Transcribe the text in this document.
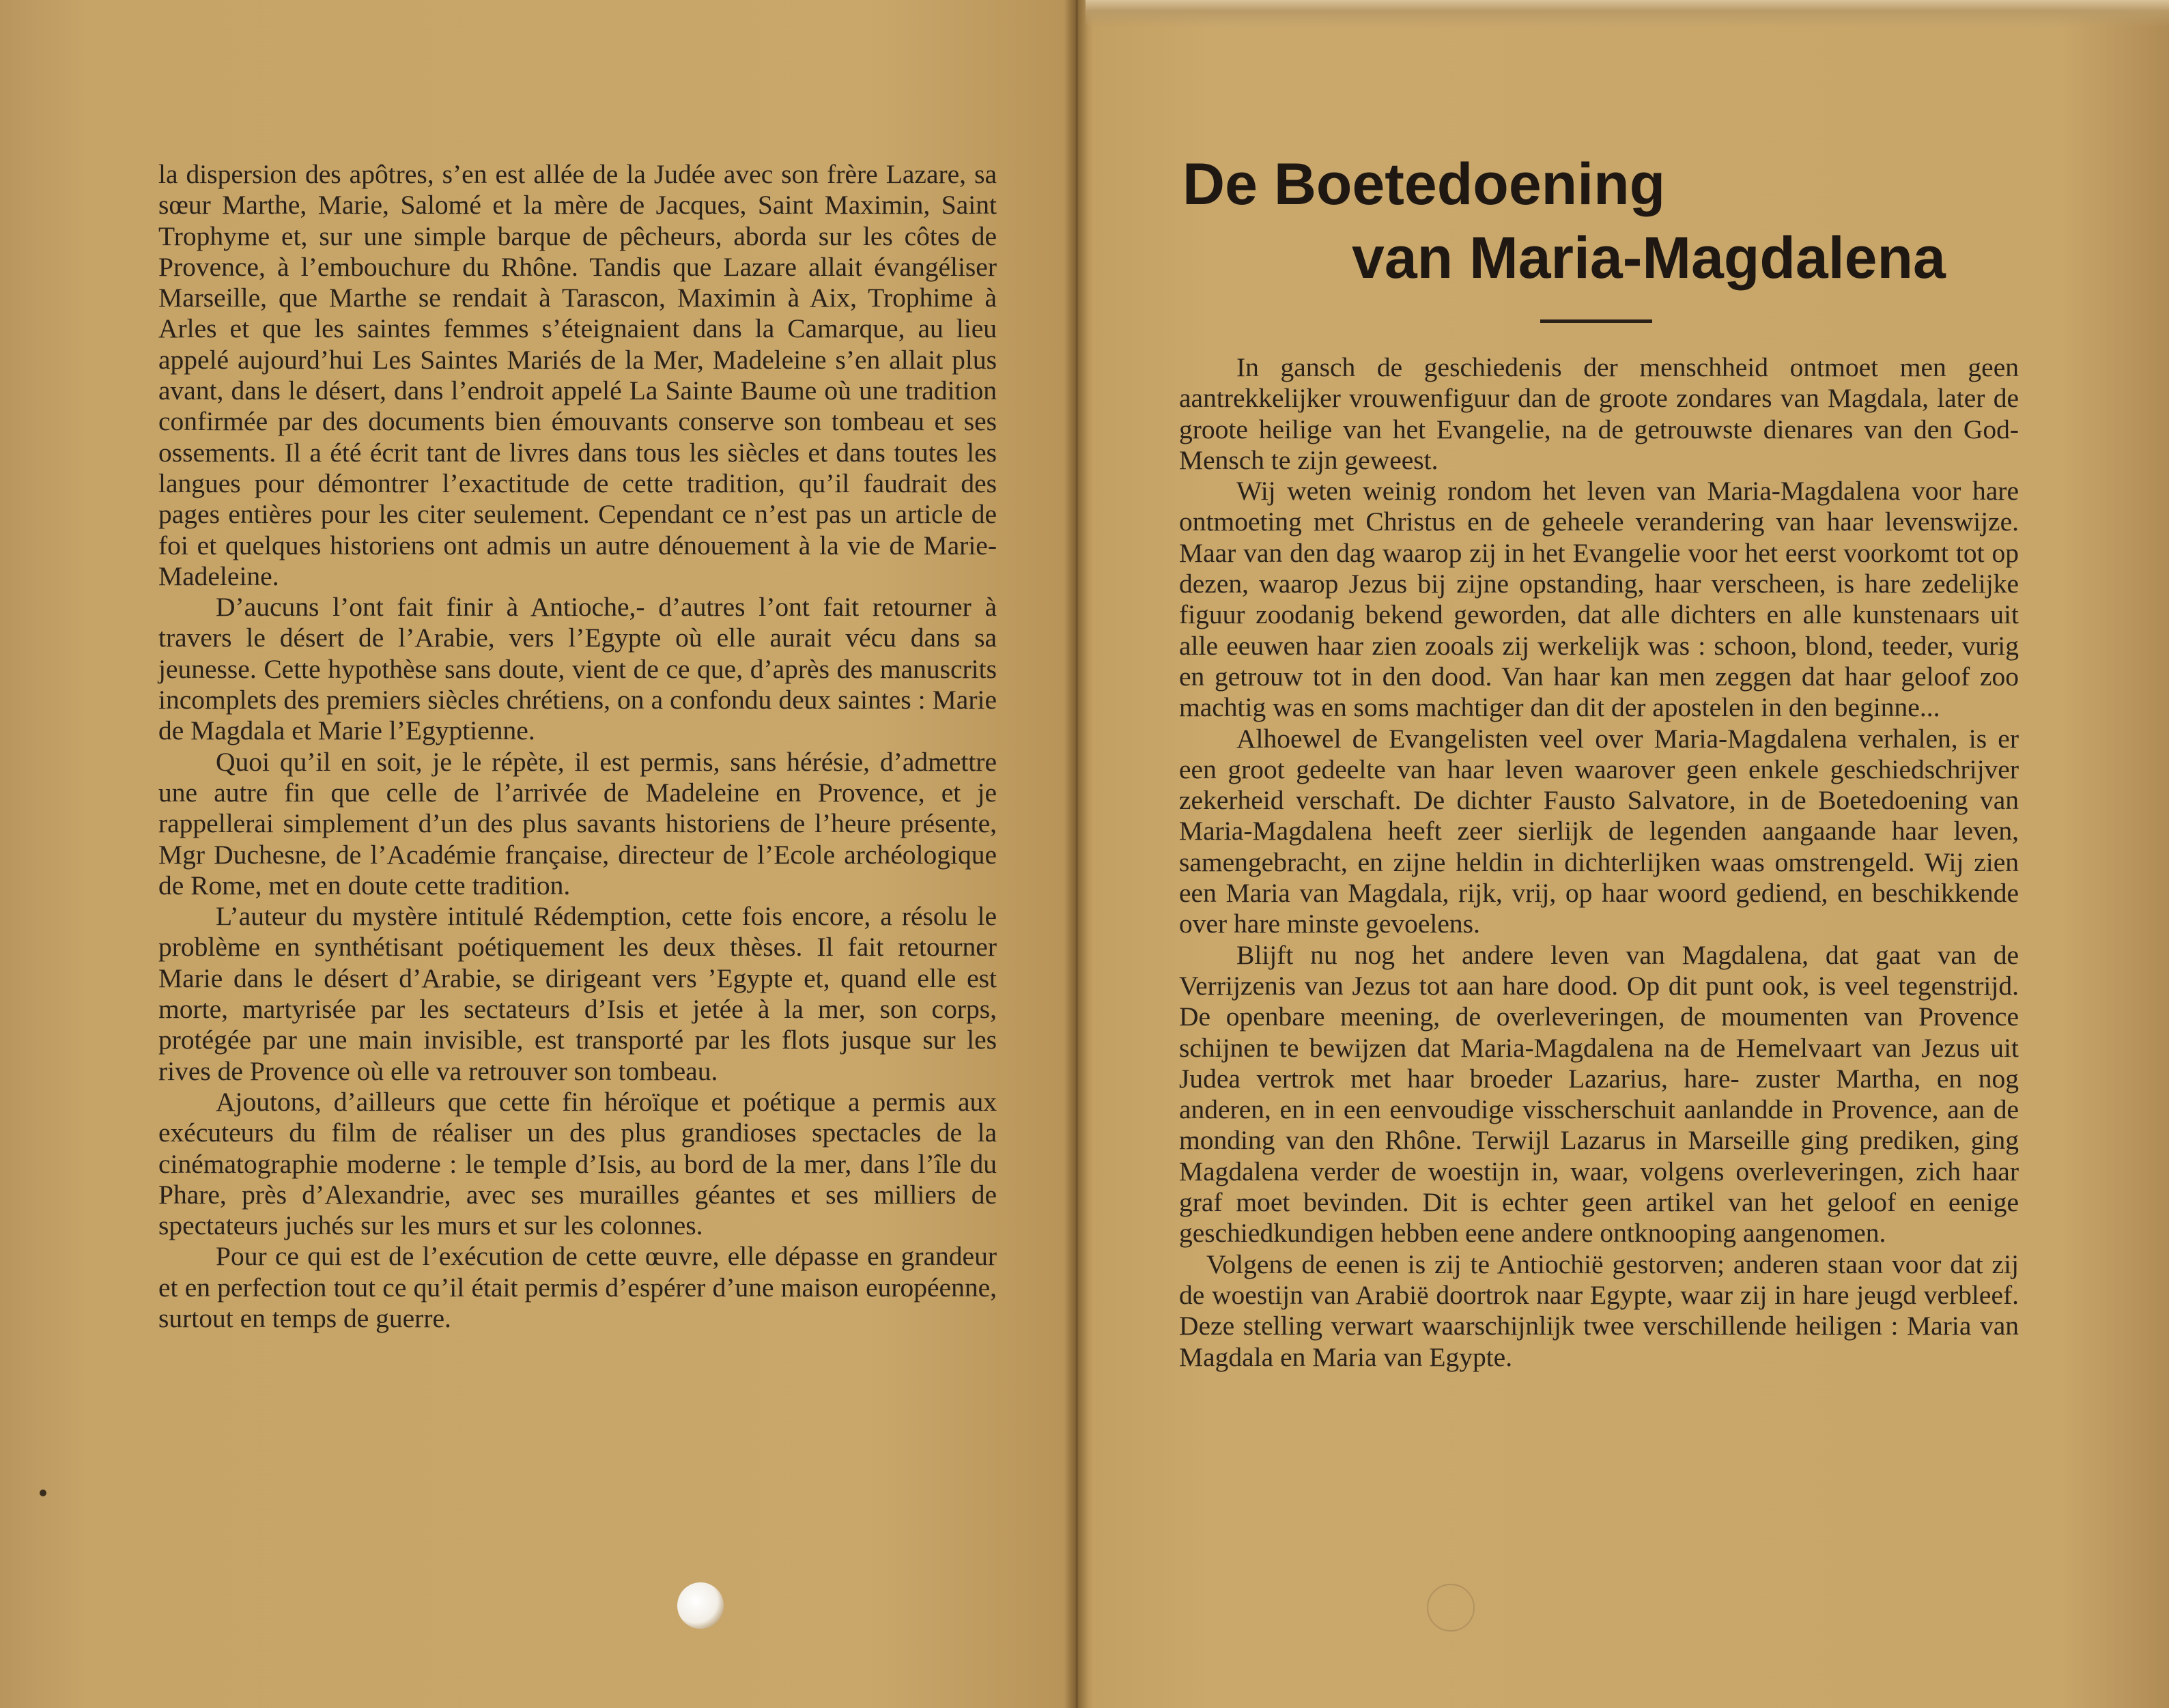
la dispersion des apôtres, s’en est allée de la Judée avec son frère Lazare, sa sœur Marthe, Marie, Salomé et la mère de Jacques, Saint Maximin, Saint Trophyme et, sur une simple barque de pêcheurs, aborda sur les côtes de Provence, à l’embouchure du Rhône. Tandis que Lazare allait évangéliser Marseille, que Marthe se rendait à Tarascon, Maximin à Aix, Trophime à Arles et que les saintes femmes s’éteignaient dans la Camarque, au lieu appelé aujourd’hui Les Saintes Mariés de la Mer, Madeleine s’en allait plus avant, dans le désert, dans l’endroit appelé La Sainte Baume où une tradition confirmée par des documents bien émouvants conserve son tombeau et ses ossements. Il a été écrit tant de livres dans tous les siècles et dans toutes les langues pour démontrer l’exactitude de cette tradition, qu’il faudrait des pages entières pour les citer seulement. Cependant ce n’est pas un article de foi et quelques historiens ont admis un autre dénouement à la vie de Marie-Madeleine.

D’aucuns l’ont fait finir à Antioche,- d’autres l’ont fait retourner à travers le désert de l’Arabie, vers l’Egypte où elle aurait vécu dans sa jeunesse. Cette hypothèse sans doute, vient de ce que, d’après des manuscrits incomplets des premiers siècles chrétiens, on a confondu deux saintes : Marie de Magdala et Marie l’Egyptienne.

Quoi qu’il en soit, je le répète, il est permis, sans hérésie, d’admettre une autre fin que celle de l’arrivée de Madeleine en Provence, et je rappellerai simplement d’un des plus savants historiens de l’heure présente, Mgr Duchesne, de l’Académie française, directeur de l’Ecole archéologique de Rome, met en doute cette tradition.

L’auteur du mystère intitulé Rédemption, cette fois encore, a résolu le problème en synthétisant poétiquement les deux thèses. Il fait retourner Marie dans le désert d’Arabie, se dirigeant vers ’Egypte et, quand elle est morte, martyrisée par les sectateurs d’Isis et jetée à la mer, son corps, protégée par une main invisible, est transporté par les flots jusque sur les rives de Provence où elle va retrouver son tombeau.

Ajoutons, d’ailleurs que cette fin héroïque et poétique a permis aux exécuteurs du film de réaliser un des plus grandioses spectacles de la cinématographie moderne : le temple d’Isis, au bord de la mer, dans l’île du Phare, près d’Alexandrie, avec ses murailles géantes et ses milliers de spectateurs juchés sur les murs et sur les colonnes.

Pour ce qui est de l’exécution de cette œuvre, elle dépasse en grandeur et en perfection tout ce qu’il était permis d’espérer d’une maison européenne, surtout en temps de guerre.

De Boetedoening
van Maria-Magdalena

In gansch de geschiedenis der menschheid ontmoet men geen aantrekkelijker vrouwenfiguur dan de groote zondares van Magdala, later de groote heilige van het Evangelie, na de getrouwste dienares van den God-Mensch te zijn geweest.

Wij weten weinig rondom het leven van Maria-Magdalena voor hare ontmoeting met Christus en de geheele verandering van haar levenswijze. Maar van den dag waarop zij in het Evangelie voor het eerst voorkomt tot op dezen, waarop Jezus bij zijne opstanding, haar verscheen, is hare zedelijke figuur zoodanig bekend geworden, dat alle dichters en alle kunstenaars uit alle eeuwen haar zien zooals zij werkelijk was : schoon, blond, teeder, vurig en getrouw tot in den dood. Van haar kan men zeggen dat haar geloof zoo machtig was en soms machtiger dan dit der apostelen in den beginne...

Alhoewel de Evangelisten veel over Maria-Magdalena verhalen, is er een groot gedeelte van haar leven waarover geen enkele geschiedschrijver zekerheid verschaft. De dichter Fausto Salvatore, in de Boetedoening van Maria-Magdalena heeft zeer sierlijk de legenden aangaande haar leven, samengebracht, en zijne heldin in dichterlijken waas omstrengeld. Wij zien een Maria van Magdala, rijk, vrij, op haar woord gediend, en beschikkende over hare minste gevoelens.

Blijft nu nog het andere leven van Magdalena, dat gaat van de Verrijzenis van Jezus tot aan hare dood. Op dit punt ook, is veel tegenstrijd. De openbare meening, de overleveringen, de moumenten van Provence schijnen te bewijzen dat Maria-Magdalena na de Hemelvaart van Jezus uit Judea vertrok met haar broeder Lazarius, hare- zuster Martha, en nog anderen, en in een eenvoudige visscherschuit aanlandde in Provence, aan de monding van den Rhône. Terwijl Lazarus in Marseille ging prediken, ging Magdalena verder de woestijn in, waar, volgens overleveringen, zich haar graf moet bevinden. Dit is echter geen artikel van het geloof en eenige geschiedkundigen hebben eene andere ontknooping aangenomen.

Volgens de eenen is zij te Antiochië gestorven; anderen staan voor dat zij de woestijn van Arabië doortrok naar Egypte, waar zij in hare jeugd verbleef. Deze stelling verwart waarschijnlijk twee verschillende heiligen : Maria van Magdala en Maria van Egypte.
